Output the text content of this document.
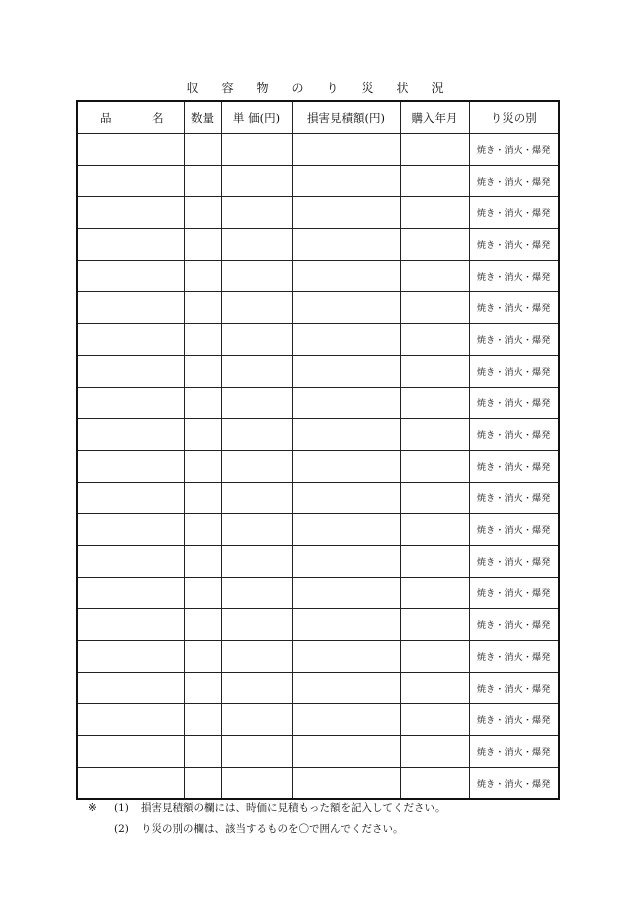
収容物のり災状況
品 名	数量	単 価(円)	損害見積額(円)	購入年月	り災の別
					焼き・消火・爆発
					焼き・消火・爆発
					焼き・消火・爆発
					焼き・消火・爆発
					焼き・消火・爆発
					焼き・消火・爆発
					焼き・消火・爆発
					焼き・消火・爆発
					焼き・消火・爆発
					焼き・消火・爆発
					焼き・消火・爆発
					焼き・消火・爆発
					焼き・消火・爆発
					焼き・消火・爆発
					焼き・消火・爆発
					焼き・消火・爆発
					焼き・消火・爆発
					焼き・消火・爆発
					焼き・消火・爆発
					焼き・消火・爆発
					焼き・消火・爆発
※	(1)	損害見積額の欄には、時価に見積もった額を記入してください。
(2)	り災の別の欄は、該当するものを〇で囲んでください。
